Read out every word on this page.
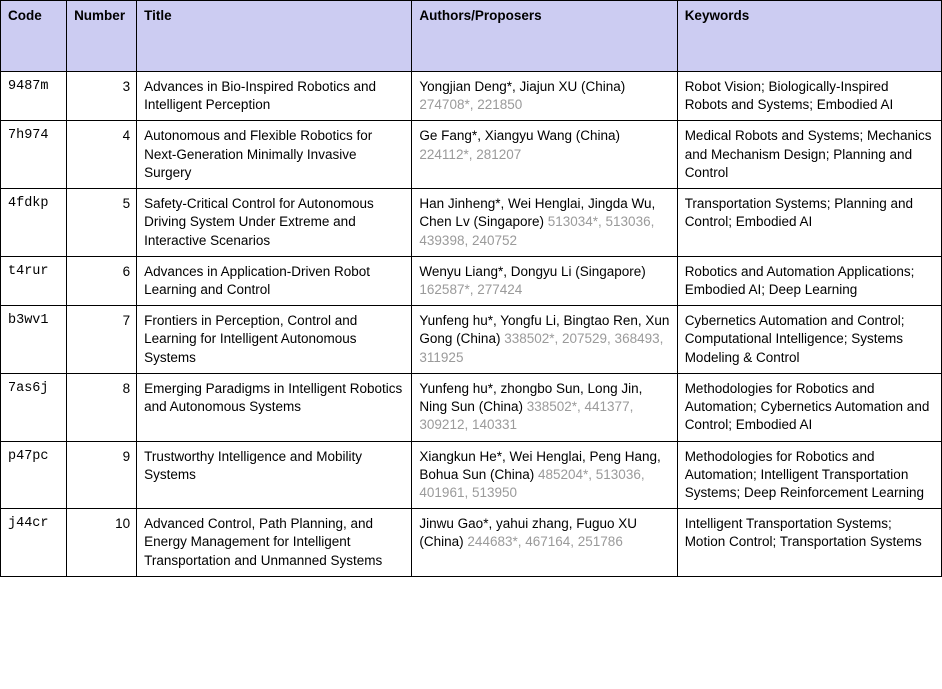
Code	Number	Title	Authors/Proposers	Keywords
9487m	3	Advances in Bio-Inspired Robotics and Intelligent Perception	Yongjian Deng*, Jiajun XU (China) 274708*, 221850	Robot Vision; Biologically-Inspired Robots and Systems; Embodied AI
7h974	4	Autonomous and Flexible Robotics for Next-Generation Minimally Invasive Surgery	Ge Fang*, Xiangyu Wang (China) 224112*, 281207	Medical Robots and Systems; Mechanics and Mechanism Design; Planning and Control
4fdkp	5	Safety-Critical Control for Autonomous Driving System Under Extreme and Interactive Scenarios	Han Jinheng*, Wei Henglai, Jingda Wu, Chen Lv (Singapore) 513034*, 513036, 439398, 240752	Transportation Systems; Planning and Control; Embodied AI
t4rur	6	Advances in Application-Driven Robot Learning and Control	Wenyu Liang*, Dongyu Li (Singapore) 162587*, 277424	Robotics and Automation Applications; Embodied AI; Deep Learning
b3wv1	7	Frontiers in Perception, Control and Learning for Intelligent Autonomous Systems	Yunfeng hu*, Yongfu Li, Bingtao Ren, Xun Gong (China) 338502*, 207529, 368493, 311925	Cybernetics Automation and Control; Computational Intelligence; Systems Modeling & Control
7as6j	8	Emerging Paradigms in Intelligent Robotics and Autonomous Systems	Yunfeng hu*, zhongbo Sun, Long Jin, Ning Sun (China) 338502*, 441377, 309212, 140331	Methodologies for Robotics and Automation; Cybernetics Automation and Control; Embodied AI
p47pc	9	Trustworthy Intelligence and Mobility Systems	Xiangkun He*, Wei Henglai, Peng Hang, Bohua Sun (China) 485204*, 513036, 401961, 513950	Methodologies for Robotics and Automation; Intelligent Transportation Systems; Deep Reinforcement Learning
j44cr	10	Advanced Control, Path Planning, and Energy Management for Intelligent Transportation and Unmanned Systems	Jinwu Gao*, yahui zhang, Fuguo XU (China) 244683*, 467164, 251786	Intelligent Transportation Systems; Motion Control; Transportation Systems
